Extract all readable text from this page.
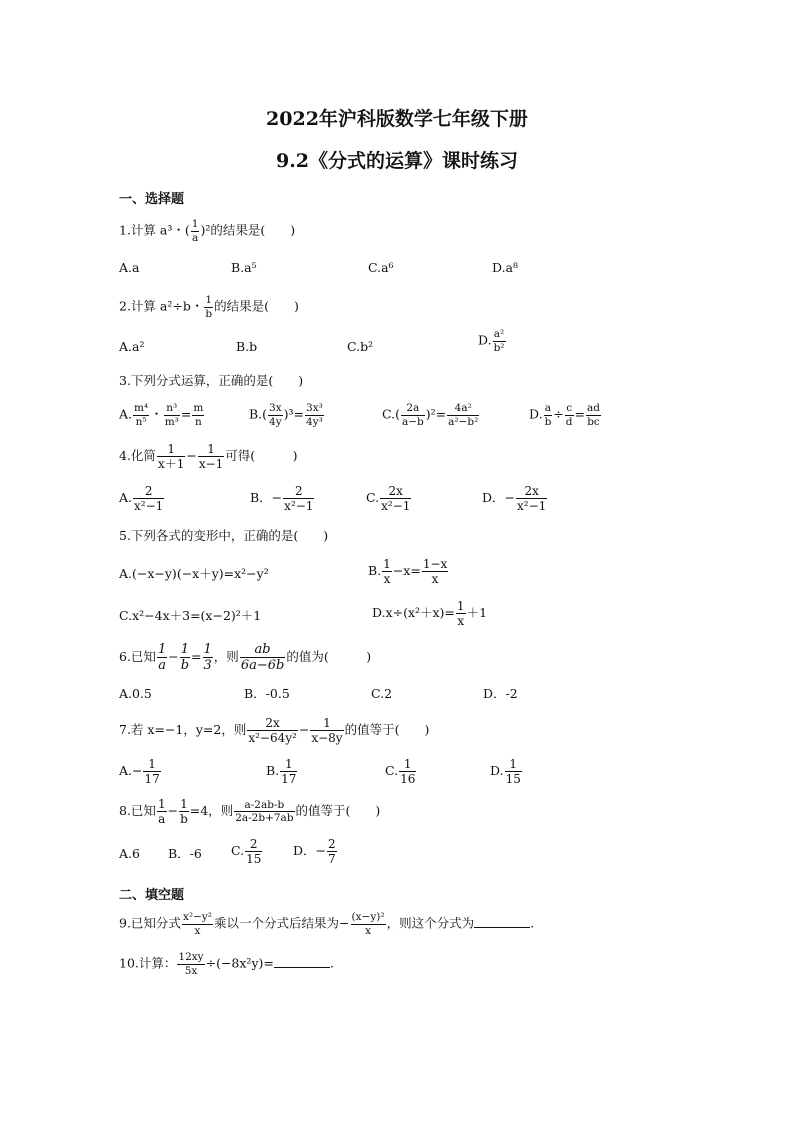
2022年沪科版数学七年级下册
9.2《分式的运算》课时练习
一、选择题
1.计算 a³・( $\frac{1}{a} )^2$的结果是(　　)
A.a	B.a⁵	C.a⁶	D.a⁸
2.计算 a²÷b・ $\frac{1}{b}$ 的结果是(　　)
A.a²	B.b	C.b²	D. $\frac{\text{a²}}{\text{b²}}$
3.下列分式运算，正确的是(　　)
A. $\frac{\text{m⁴}}{\text{n⁵}}$ ・ $\frac{\text{n³}}{\text{m³}} = \frac{m}{n}$	$B.( \frac{3x}{4y} )^3= \frac{\text{3x³}}{\text{4y³}}$	$C.( \frac{2a}{a-b} )^2= \frac{\text{4a²}}{\text{a²−b²}}$	D. $\frac{a}{b} \div \frac{c}{d} = \frac{ad}{bc}$
4.化简 $\frac{1}{x+1} - \frac{1}{x-1}$ 可得(　　　)
A. $\frac{2}{\text{x²−1}}$	B．− $\frac{2}{\text{x²−1}}$	C. $\frac{2x}{\text{x²−1}}$	D．− $\frac{2x}{\text{x²−1}}$
5.下列各式的变形中，正确的是(　　)
A.(−x−y)(−x＋y)=x²−y²	B. $\frac{1}{x} -x= \frac{1-x}{x}$
C.x²−4x＋3=(x−2)²＋1	$D.x\div(x^2+x)= \frac{1}{x} +1$
6.已知 $\frac{1}{a} - \frac{1}{b} = \frac{1}{3}$ ，则 $\frac{ab}{6a-6b}$ 的值为(　　　)
A.0.5	B．-0.5	C.2	D．-2
7.若 x=−1，y=2，则 $\frac{2x}{\text{x²−64y²}} - \frac{1}{x-8y}$ 的值等于(　　)
$A.- \frac{1}{17}$	B. $\frac{1}{17}$	C. $\frac{1}{16}$	D. $\frac{1}{15}$
8.已知 $\frac{1}{a} - \frac{1}{b} =4$，则 $\frac{a-2ab-b}{2a-2b+7ab}$ 的值等于(　　)
A.6 B．-6 C. $\frac{2}{15}$ D．− $\frac{2}{7}$
二、填空题
9.已知分式 $\frac{\text{x²−y²}}{x}$ 乘以一个分式后结果为− $\frac{\text{(x−y)²}}{x}$ ，则这个分式为	.
10.计算： $\frac{12xy}{5x} \div(-8x^2y)=$	.
